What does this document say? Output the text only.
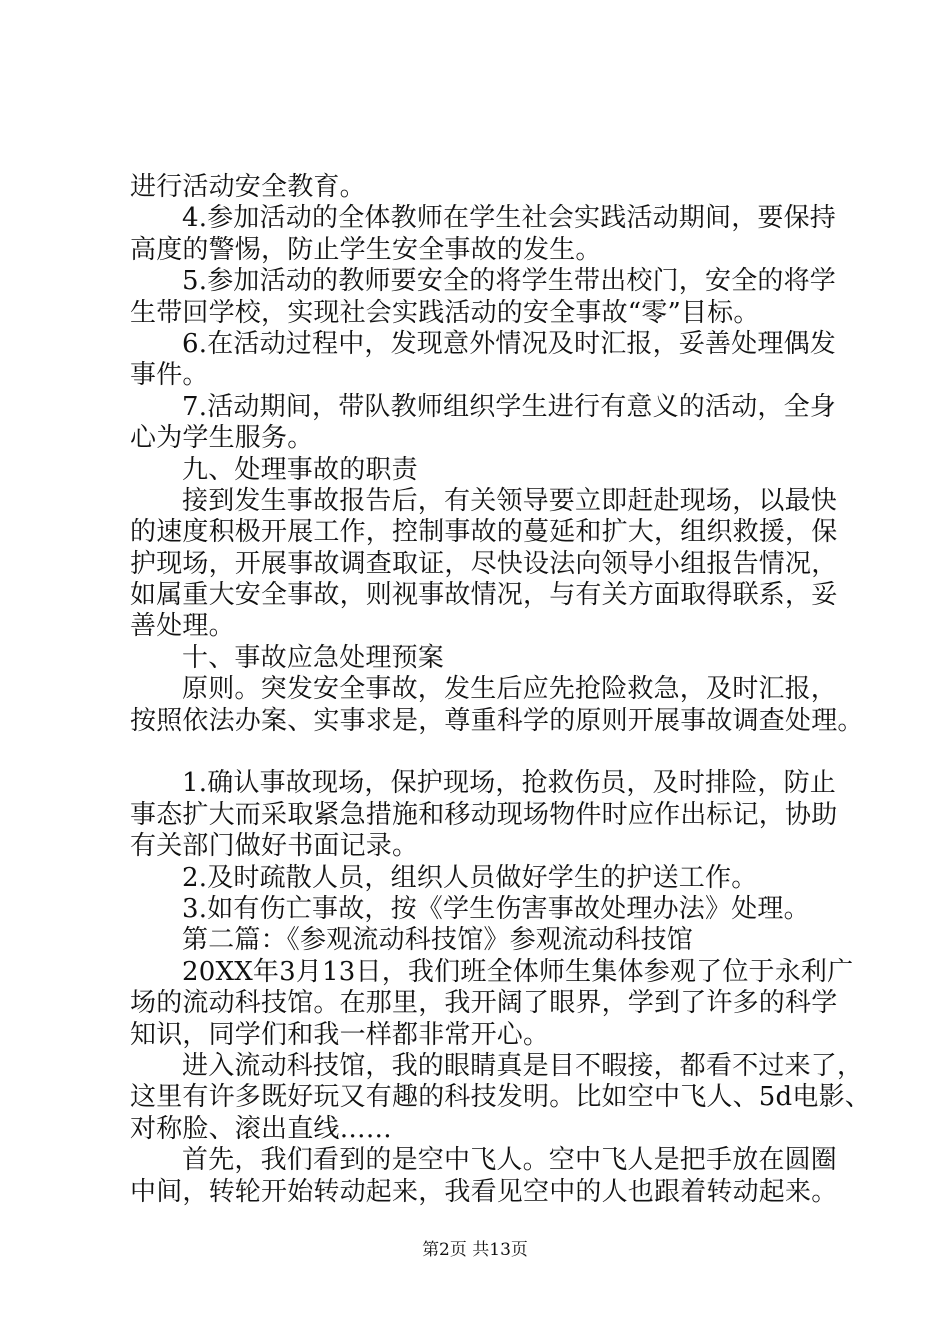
进行活动安全教育。
4.参加活动的全体教师在学生社会实践活动期间，要保持
高度的警惕，防止学生安全事故的发生。
5.参加活动的教师要安全的将学生带出校门，安全的将学
生带回学校，实现社会实践活动的安全事故“零”目标。
6.在活动过程中，发现意外情况及时汇报，妥善处理偶发
事件。
7.活动期间，带队教师组织学生进行有意义的活动，全身
心为学生服务。
九、处理事故的职责
接到发生事故报告后，有关领导要立即赶赴现场，以最快
的速度积极开展工作，控制事故的蔓延和扩大，组织救援，保
护现场，开展事故调查取证，尽快设法向领导小组报告情况，
如属重大安全事故，则视事故情况，与有关方面取得联系，妥
善处理。
十、事故应急处理预案
原则。突发安全事故，发生后应先抢险救急，及时汇报，
按照依法办案、实事求是，尊重科学的原则开展事故调查处理。
1.确认事故现场，保护现场，抢救伤员，及时排险，防止
事态扩大而采取紧急措施和移动现场物件时应作出标记，协助
有关部门做好书面记录。
2.及时疏散人员，组织人员做好学生的护送工作。
3.如有伤亡事故，按《学生伤害事故处理办法》处理。
第二篇：《参观流动科技馆》参观流动科技馆
20XX年3月13日，我们班全体师生集体参观了位于永利广
场的流动科技馆。在那里，我开阔了眼界，学到了许多的科学
知识，同学们和我一样都非常开心。
进入流动科技馆，我的眼睛真是目不暇接，都看不过来了，
这里有许多既好玩又有趣的科技发明。比如空中飞人、5d电影、
对称脸、滚出直线……
首先，我们看到的是空中飞人。空中飞人是把手放在圆圈
中间，转轮开始转动起来，我看见空中的人也跟着转动起来。
第2页 共13页
